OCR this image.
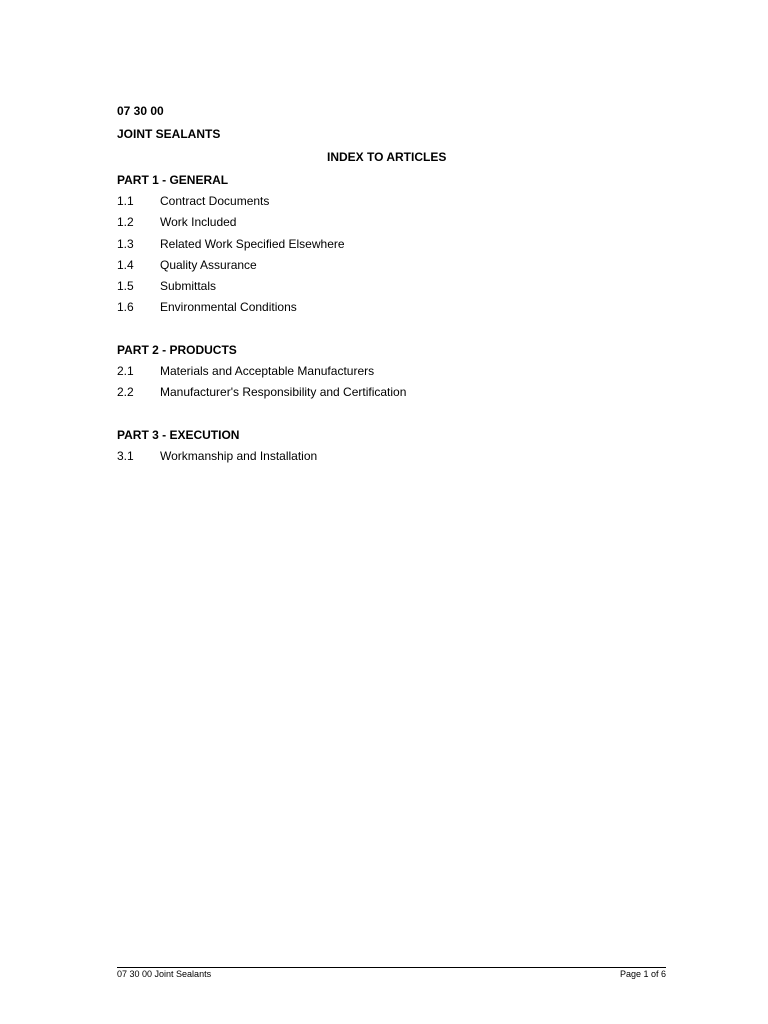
07 30 00
JOINT SEALANTS
INDEX TO ARTICLES
PART 1 - GENERAL
1.1 Contract Documents
1.2 Work Included
1.3 Related Work Specified Elsewhere
1.4 Quality Assurance
1.5 Submittals
1.6 Environmental Conditions
PART 2 - PRODUCTS
2.1 Materials and Acceptable Manufacturers
2.2 Manufacturer's Responsibility and Certification
PART 3 - EXECUTION
3.1 Workmanship and Installation
07 30 00 Joint Sealants	Page 1 of 6
